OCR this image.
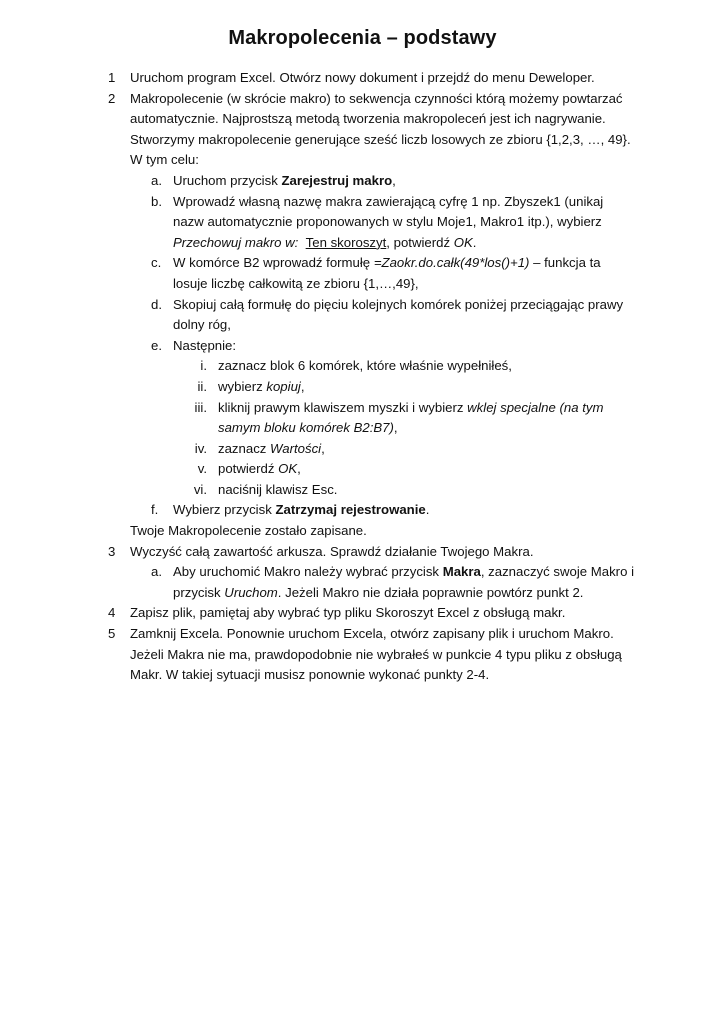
Makropolecenia – podstawy
1 Uruchom program Excel. Otwórz nowy dokument i przejdź do menu Deweloper.
2 Makropolecenie (w skrócie makro) to sekwencja czynności którą możemy powtarzać
automatycznie. Najprostszą metodą tworzenia makropoleceń jest ich nagrywanie.
Stworzymy makropolecenie generujące sześć liczb losowych ze zbioru {1,2,3, …, 49}.
W tym celu:
a. Uruchom przycisk Zarejestruj makro,
b. Wprowadź własną nazwę makra zawierającą cyfrę 1 np. Zbyszek1 (unikaj
nazw automatycznie proponowanych w stylu Moje1, Makro1 itp.), wybierz
Przechowuj makro w: Ten skoroszyt, potwierdź OK.
c. W komórce B2 wprowadź formułę =Zaokr.do.całk(49*los()+1) – funkcja ta
losuje liczbę całkowitą ze zbioru {1,…,49},
d. Skopiuj całą formułę do pięciu kolejnych komórek poniżej przeciągając prawy
dolny róg,
e. Następnie:
i. zaznacz blok 6 komórek, które właśnie wypełniłeś,
ii. wybierz kopiuj,
iii. kliknij prawym klawiszem myszki i wybierz wklej specjalne (na tym
samym bloku komórek B2:B7),
iv. zaznacz Wartości,
v. potwierdź OK,
vi. naciśnij klawisz Esc.
f. Wybierz przycisk Zatrzymaj rejestrowanie.
Twoje Makropolecenie zostało zapisane.
3 Wyczyść całą zawartość arkusza. Sprawdź działanie Twojego Makra.
a. Aby uruchomić Makro należy wybrać przycisk Makra, zaznaczyć swoje Makro i
przycisk Uruchom. Jeżeli Makro nie działa poprawnie powtórz punkt 2.
4 Zapisz plik, pamiętaj aby wybrać typ pliku Skoroszyt Excel z obsługą makr.
5 Zamknij Excela. Ponownie uruchom Excela, otwórz zapisany plik i uruchom Makro.
Jeżeli Makra nie ma, prawdopodobnie nie wybrałeś w punkcie 4 typu pliku z obsługą
Makr. W takiej sytuacji musisz ponownie wykonać punkty 2-4.
